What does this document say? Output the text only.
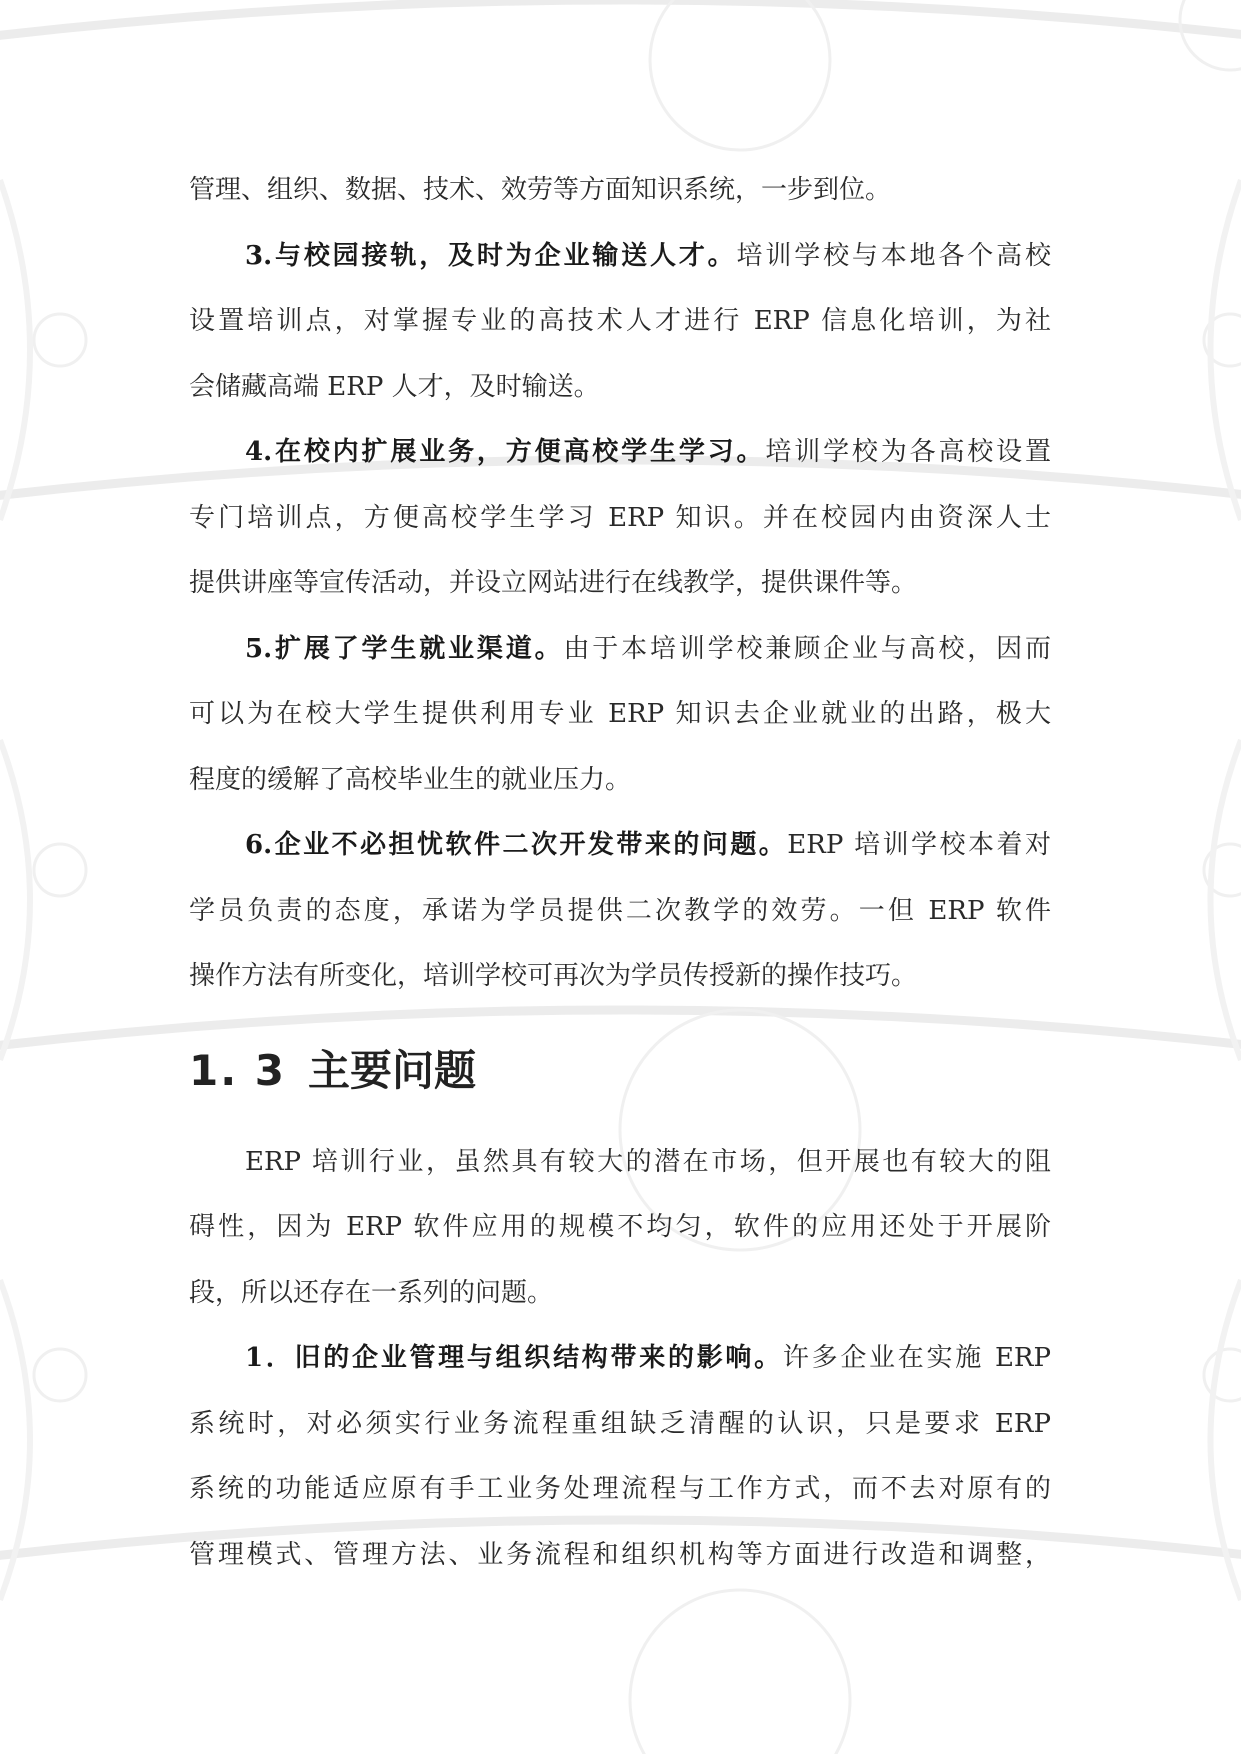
管理、组织、数据、技术、效劳等方面知识系统，一步到位。
3.与校园接轨，及时为企业输送人才。培训学校与本地各个高校
设置培训点，对掌握专业的高技术人才进行 ERP 信息化培训，为社
会储藏高端 ERP 人才，及时输送。
4.在校内扩展业务，方便高校学生学习。培训学校为各高校设置
专门培训点，方便高校学生学习 ERP 知识。并在校园内由资深人士
提供讲座等宣传活动，并设立网站进行在线教学，提供课件等。
5.扩展了学生就业渠道。由于本培训学校兼顾企业与高校，因而
可以为在校大学生提供利用专业 ERP 知识去企业就业的出路，极大
程度的缓解了高校毕业生的就业压力。
6.企业不必担忧软件二次开发带来的问题。ERP 培训学校本着对
学员负责的态度，承诺为学员提供二次教学的效劳。一但 ERP 软件
操作方法有所变化，培训学校可再次为学员传授新的操作技巧。
1. 3 主要问题
ERP 培训行业，虽然具有较大的潜在市场，但开展也有较大的阻
碍性，因为 ERP 软件应用的规模不均匀，软件的应用还处于开展阶
段，所以还存在一系列的问题。
1．旧的企业管理与组织结构带来的影响。许多企业在实施 ERP
系统时，对必须实行业务流程重组缺乏清醒的认识，只是要求 ERP
系统的功能适应原有手工业务处理流程与工作方式，而不去对原有的
管理模式、管理方法、业务流程和组织机构等方面进行改造和调整，
